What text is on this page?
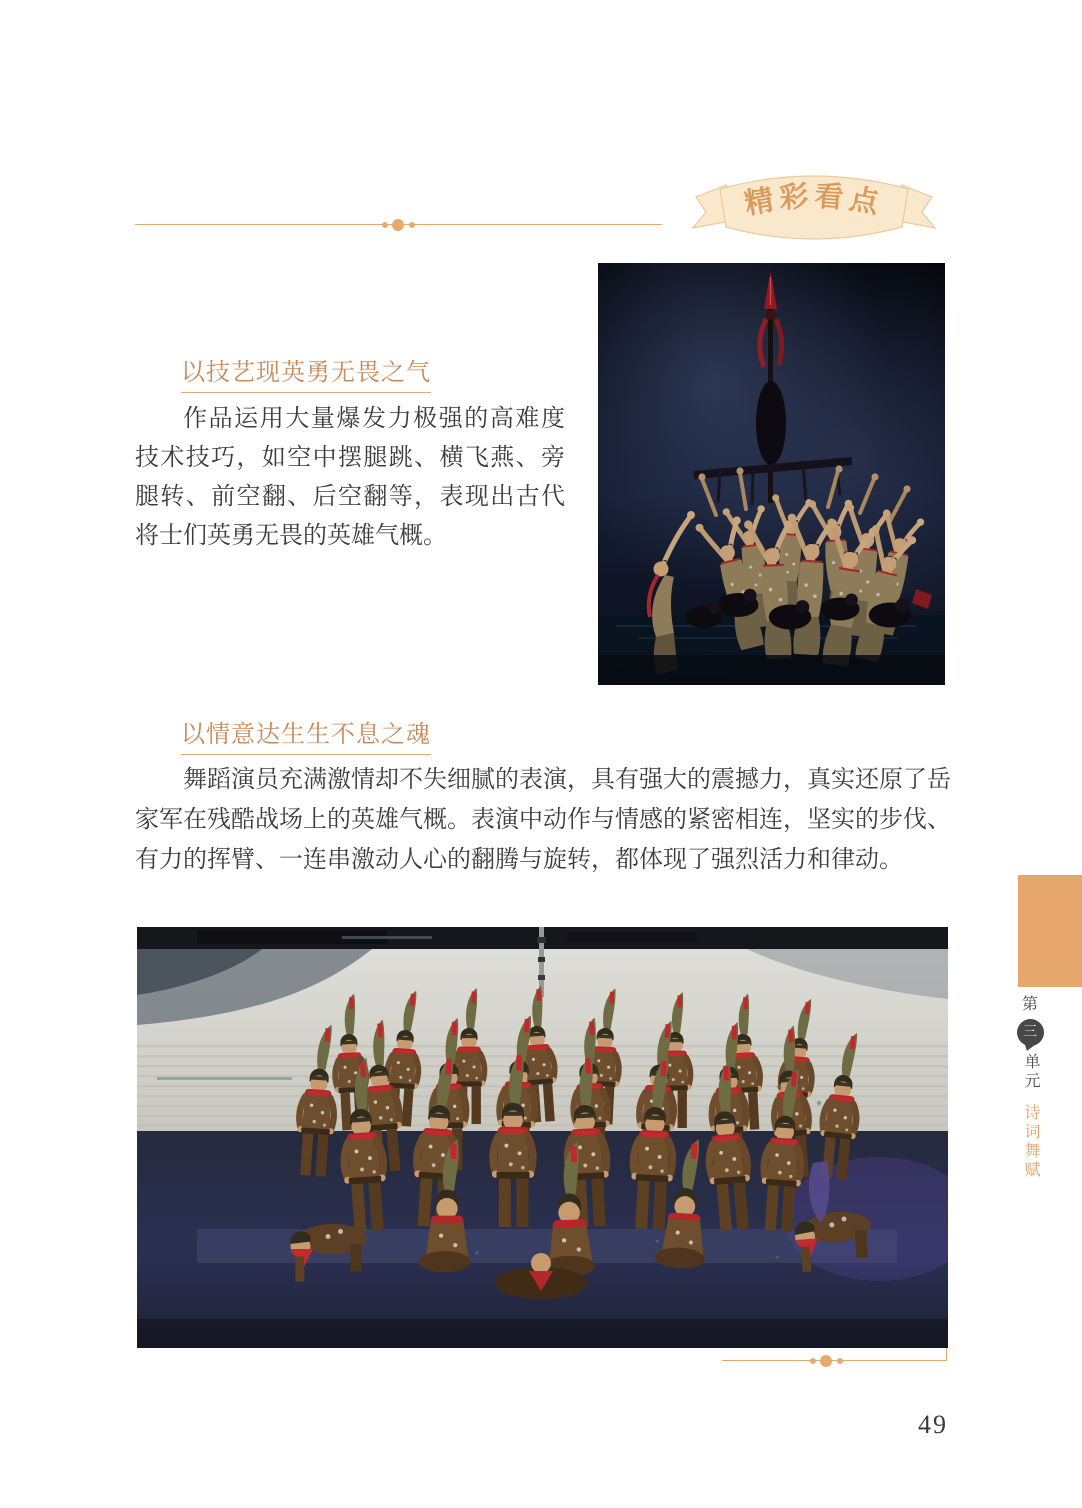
精彩看点
以技艺现英勇无畏之气
作品运用大量爆发力极强的高难度技术技巧，如空中摆腿跳、横飞燕、旁腿转、前空翻、后空翻等，表现出古代将士们英勇无畏的英雄气概。
以情意达生生不息之魂
舞蹈演员充满激情却不失细腻的表演，具有强大的震撼力，真实还原了岳家军在残酷战场上的英雄气概。表演中动作与情感的紧密相连，坚实的步伐、有力的挥臂、一连串激动人心的翻腾与旋转，都体现了强烈活力和律动。
第
三
单元
诗词舞赋
49
